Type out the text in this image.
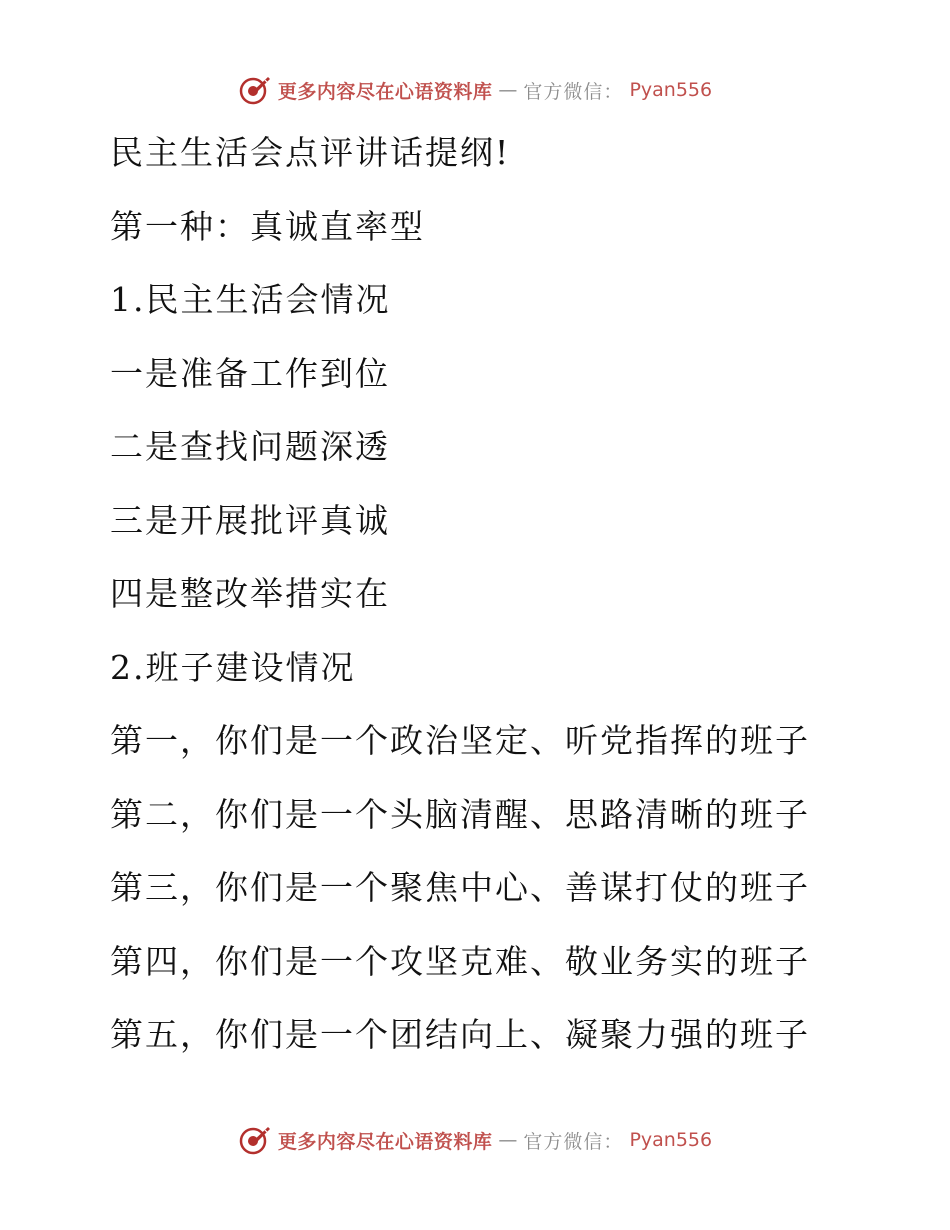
更多内容尽在心语资料库 — 官方微信： Pyan556
民主生活会点评讲话提纲!
第一种：真诚直率型
1.民主生活会情况
一是准备工作到位
二是查找问题深透
三是开展批评真诚
四是整改举措实在
2.班子建设情况
第一，你们是一个政治坚定、听党指挥的班子
第二，你们是一个头脑清醒、思路清晰的班子
第三，你们是一个聚焦中心、善谋打仗的班子
第四，你们是一个攻坚克难、敬业务实的班子
第五，你们是一个团结向上、凝聚力强的班子
更多内容尽在心语资料库 — 官方微信： Pyan556
